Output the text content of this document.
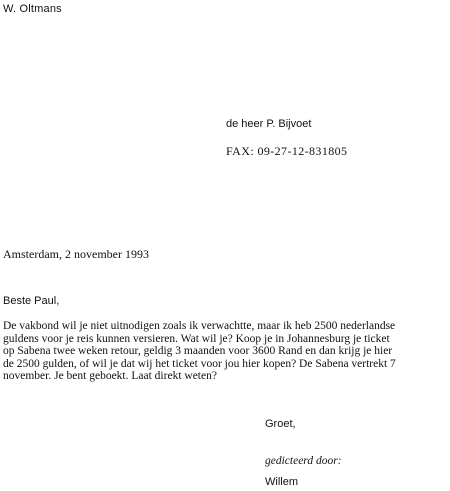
W. Oltmans
de heer P. Bijvoet
FAX: 09-27-12-831805
Amsterdam, 2 november 1993
Beste Paul,
De vakbond wil je niet uitnodigen zoals ik verwachtte, maar ik heb 2500 nederlandse
guldens voor je reis kunnen versieren. Wat wil je? Koop je in Johannesburg je ticket
op Sabena twee weken retour, geldig 3 maanden voor 3600 Rand en dan krijg je hier
de 2500 gulden, of wil je dat wij het ticket voor jou hier kopen? De Sabena vertrekt 7
november. Je bent geboekt. Laat direkt weten?
Groet,
gedicteerd door:
Willem
